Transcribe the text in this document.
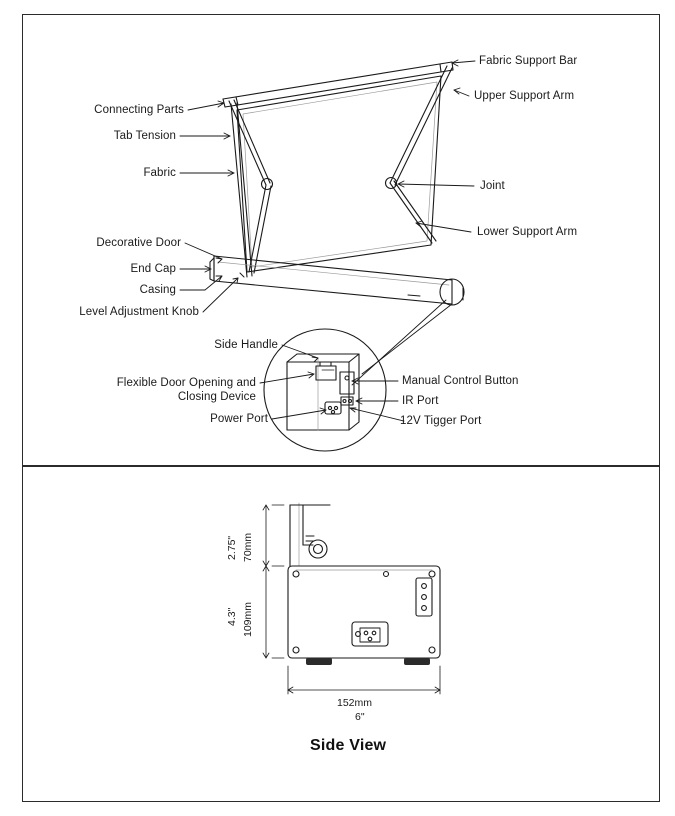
Fabric Support Bar
Upper Support Arm
Connecting Parts
Tab Tension
Fabric
Joint
Lower Support Arm
Decorative Door
End Cap
Casing
Level Adjustment Knob
Side Handle
Flexible Door Opening and Closing Device
Power Port
Manual Control Button
IR Port
12V Tigger Port
2.75" 70mm
4.3" 109mm
152mm
6"
Side View
